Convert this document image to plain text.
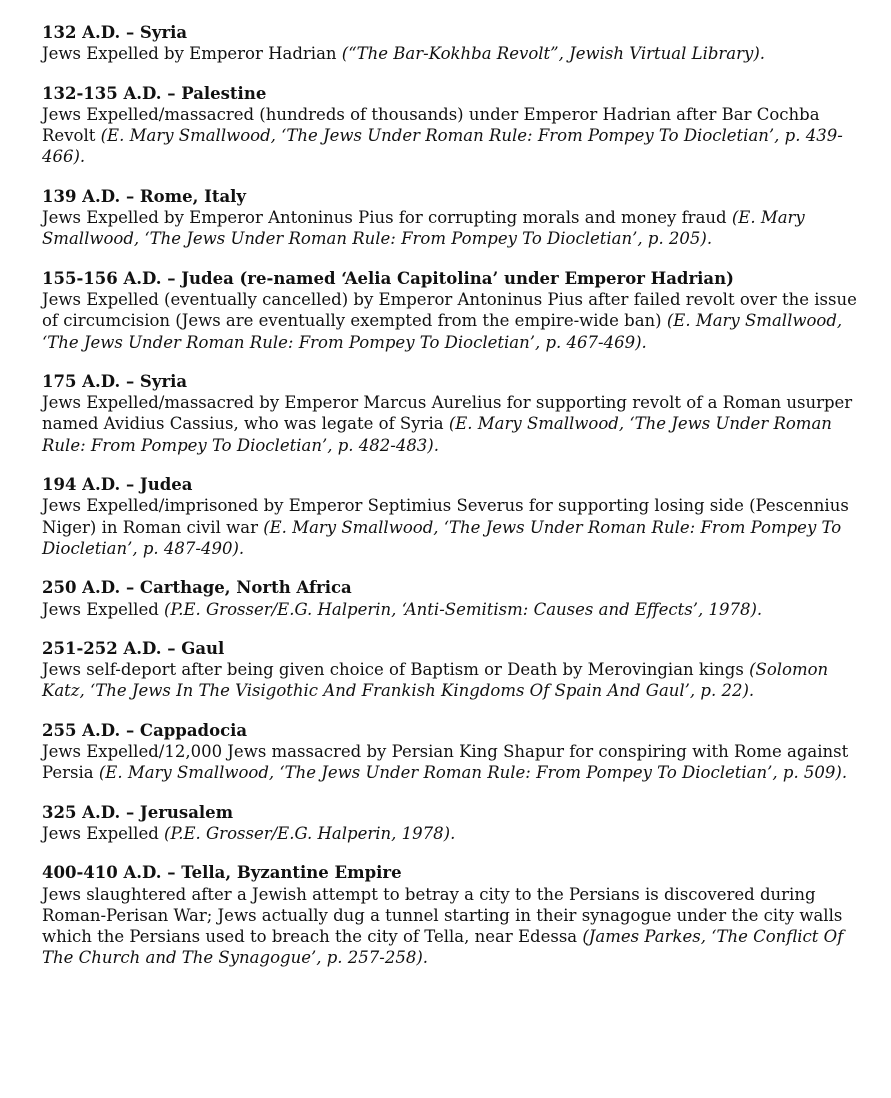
132 A.D. – Syria
Jews Expelled by Emperor Hadrian (“The Bar-Kokhba Revolt”, Jewish Virtual Library).
132-135 A.D. – Palestine
Jews Expelled/massacred (hundreds of thousands) under Emperor Hadrian after Bar Cochba Revolt (E. Mary Smallwood, ‘The Jews Under Roman Rule: From Pompey To Diocletian’, p. 439-466).
139 A.D. – Rome, Italy
Jews Expelled by Emperor Antoninus Pius for corrupting morals and money fraud (E. Mary Smallwood, ‘The Jews Under Roman Rule: From Pompey To Diocletian’, p. 205).
155-156 A.D. – Judea (re-named ‘Aelia Capitolina’ under Emperor Hadrian)
Jews Expelled (eventually cancelled) by Emperor Antoninus Pius after failed revolt over the issue of circumcision (Jews are eventually exempted from the empire-wide ban) (E. Mary Smallwood, ‘The Jews Under Roman Rule: From Pompey To Diocletian’, p. 467-469).
175 A.D. – Syria
Jews Expelled/massacred by Emperor Marcus Aurelius for supporting revolt of a Roman usurper named Avidius Cassius, who was legate of Syria (E. Mary Smallwood, ‘The Jews Under Roman Rule: From Pompey To Diocletian’, p. 482-483).
194 A.D. – Judea
Jews Expelled/imprisoned by Emperor Septimius Severus for supporting losing side (Pescennius Niger) in Roman civil war (E. Mary Smallwood, ‘The Jews Under Roman Rule: From Pompey To Diocletian’, p. 487-490).
250 A.D. – Carthage, North Africa
Jews Expelled (P.E. Grosser/E.G. Halperin, ‘Anti-Semitism: Causes and Effects’, 1978).
251-252 A.D. – Gaul
Jews self-deport after being given choice of Baptism or Death by Merovingian kings (Solomon Katz, ‘The Jews In The Visigothic And Frankish Kingdoms Of Spain And Gaul’, p. 22).
255 A.D. – Cappadocia
Jews Expelled/12,000 Jews massacred by Persian King Shapur for conspiring with Rome against Persia (E. Mary Smallwood, ‘The Jews Under Roman Rule: From Pompey To Diocletian’, p. 509).
325 A.D. – Jerusalem
Jews Expelled (P.E. Grosser/E.G. Halperin, 1978).
400-410 A.D. – Tella, Byzantine Empire
Jews slaughtered after a Jewish attempt to betray a city to the Persians is discovered during Roman-Perisan War; Jews actually dug a tunnel starting in their synagogue under the city walls which the Persians used to breach the city of Tella, near Edessa (James Parkes, ‘The Conflict Of The Church and The Synagogue’, p. 257-258).
